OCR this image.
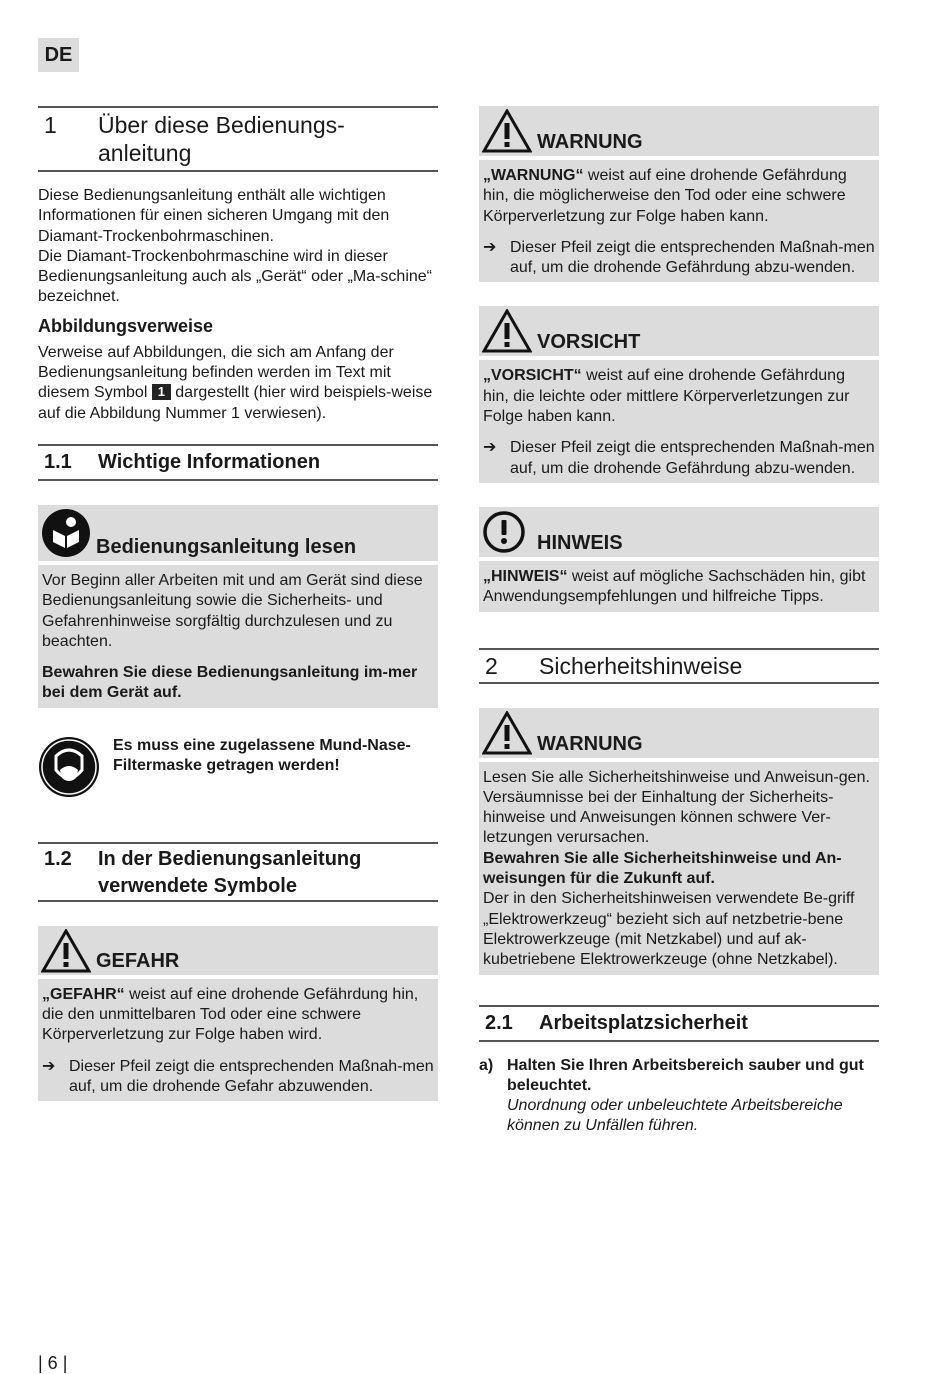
DE
1	Über diese Bedienungs-
anleitung

Diese Bedienungsanleitung enthält alle wichtigen Informationen für einen sicheren Umgang mit den Diamant-Trockenbohrmaschinen.

Die Diamant-Trockenbohrmaschine wird in dieser Bedienungsanleitung auch als „Gerät“ oder „Ma-schine“ bezeichnet.

Abbildungsverweise

Verweise auf Abbildungen, die sich am Anfang der Bedienungsanleitung befinden werden im Text mit diesem Symbol 1 dargestellt (hier wird beispiels-weise auf die Abbildung Nummer 1 verwiesen).

1.1	Wichtige Informationen
Bedienungsanleitung lesen

Vor Beginn aller Arbeiten mit und am Gerät sind diese Bedienungsanleitung sowie die Sicherheits- und Gefahrenhinweise sorgfältig durchzulesen und zu beachten.

Bewahren Sie diese Bedienungsanleitung im-mer bei dem Gerät auf.

Es muss eine zugelassene Mund-Nase-Filtermaske getragen werden!

1.2	In der Bedienungsanleitung
verwendete Symbole
GEFAHR

„GEFAHR“ weist auf eine drohende Gefährdung hin, die den unmittelbaren Tod oder eine schwere Körperverletzung zur Folge haben wird.

➔ Dieser Pfeil zeigt die entsprechenden Maßnah-men auf, um die drohende Gefahr abzuwenden.

WARNUNG

„WARNUNG“ weist auf eine drohende Gefährdung hin, die möglicherweise den Tod oder eine schwere Körperverletzung zur Folge haben kann.

➔ Dieser Pfeil zeigt die entsprechenden Maßnah-men auf, um die drohende Gefährdung abzu-wenden.

VORSICHT

„VORSICHT“ weist auf eine drohende Gefährdung hin, die leichte oder mittlere Körperverletzungen zur Folge haben kann.

➔ Dieser Pfeil zeigt die entsprechenden Maßnah-men auf, um die drohende Gefährdung abzu-wenden.

HINWEIS

„HINWEIS“ weist auf mögliche Sachschäden hin, gibt Anwendungsempfehlungen und hilfreiche Tipps.

2	Sicherheitshinweise
WARNUNG

Lesen Sie alle Sicherheitshinweise und Anweisun-gen.

Versäumnisse bei der Einhaltung der Sicherheits-hinweise und Anweisungen können schwere Ver-letzungen verursachen.

Bewahren Sie alle Sicherheitshinweise und An-weisungen für die Zukunft auf.

Der in den Sicherheitshinweisen verwendete Be-griff „Elektrowerkzeug“ bezieht sich auf netzbetrie-bene Elektrowerkzeuge (mit Netzkabel) und auf ak-kubetriebene Elektrowerkzeuge (ohne Netzkabel).

2.1	Arbeitsplatzsicherheit

a) Halten Sie Ihren Arbeitsbereich sauber und gut beleuchtet.

Unordnung oder unbeleuchtete Arbeitsbereiche können zu Unfällen führen.

| 6 |
